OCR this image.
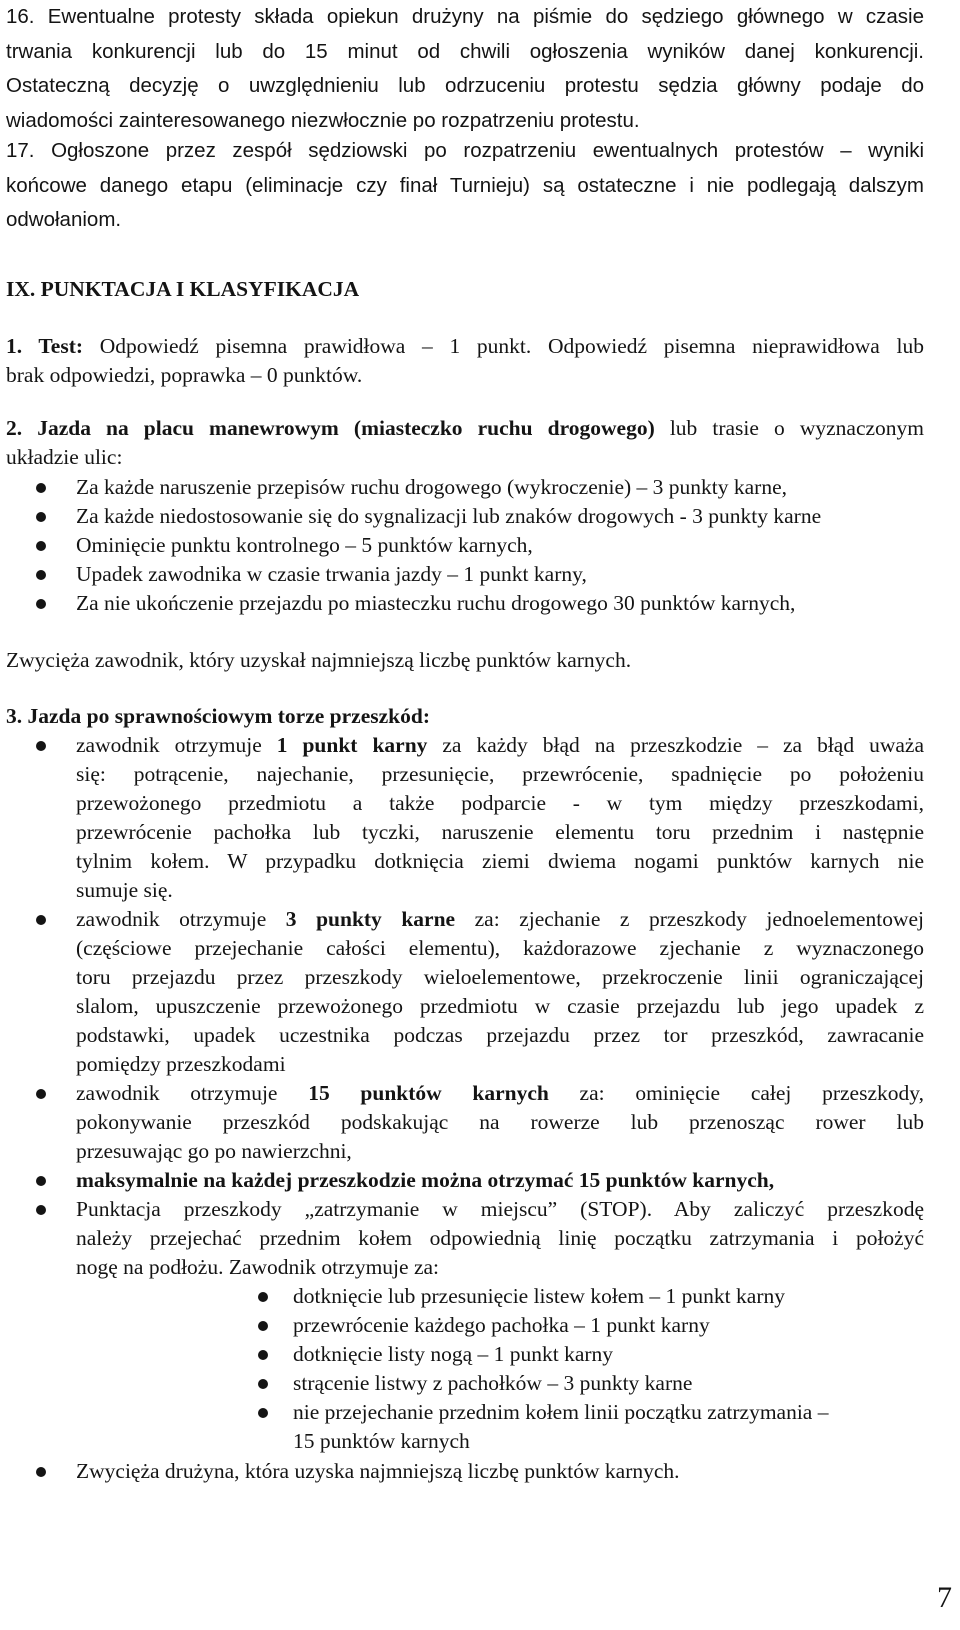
16. Ewentualne protesty składa opiekun drużyny na piśmie do sędziego głównego w czasie
trwania konkurencji lub do 15 minut od chwili ogłoszenia wyników danej konkurencji.
Ostateczną decyzję o uwzględnieniu lub odrzuceniu protestu sędzia główny podaje do
wiadomości zainteresowanego niezwłocznie po rozpatrzeniu protestu.
17. Ogłoszone przez zespół sędziowski po rozpatrzeniu ewentualnych protestów – wyniki
końcowe danego etapu (eliminacje czy finał Turnieju) są ostateczne i nie podlegają dalszym
odwołaniom.
IX. PUNKTACJA I KLASYFIKACJA
1. Test: Odpowiedź pisemna prawidłowa – 1 punkt. Odpowiedź pisemna nieprawidłowa lub
brak odpowiedzi, poprawka – 0 punktów.
2. Jazda na placu manewrowym (miasteczko ruchu drogowego) lub trasie o wyznaczonym
układzie ulic:
Za każde naruszenie przepisów ruchu drogowego (wykroczenie) – 3 punkty karne,
Za każde niedostosowanie się do sygnalizacji lub znaków drogowych - 3 punkty karne
Ominięcie punktu kontrolnego – 5 punktów karnych,
Upadek zawodnika w czasie trwania jazdy – 1 punkt karny,
Za nie ukończenie przejazdu po miasteczku ruchu drogowego 30 punktów karnych,
Zwycięża zawodnik, który uzyskał najmniejszą liczbę punktów karnych.
3. Jazda po sprawnościowym torze przeszkód:
zawodnik otrzymuje 1 punkt karny za każdy błąd na przeszkodzie – za błąd uważa
się: potrącenie, najechanie, przesunięcie, przewrócenie, spadnięcie po położeniu
przewożonego przedmiotu a także podparcie - w tym między przeszkodami,
przewrócenie pachołka lub tyczki, naruszenie elementu toru przednim i następnie
tylnim kołem. W przypadku dotknięcia ziemi dwiema nogami punktów karnych nie
sumuje się.
zawodnik otrzymuje 3 punkty karne za: zjechanie z przeszkody jednoelementowej
(częściowe przejechanie całości elementu), każdorazowe zjechanie z wyznaczonego
toru przejazdu przez przeszkody wieloelementowe, przekroczenie linii ograniczającej
slalom, upuszczenie przewożonego przedmiotu w czasie przejazdu lub jego upadek z
podstawki, upadek uczestnika podczas przejazdu przez tor przeszkód, zawracanie
pomiędzy przeszkodami
zawodnik otrzymuje 15 punktów karnych za: ominięcie całej przeszkody,
pokonywanie przeszkód podskakując na rowerze lub przenosząc rower lub
przesuwając go po nawierzchni,
maksymalnie na każdej przeszkodzie można otrzymać 15 punktów karnych,
Punktacja przeszkody „zatrzymanie w miejscu” (STOP). Aby zaliczyć przeszkodę
należy przejechać przednim kołem odpowiednią linię początku zatrzymania i położyć
nogę na podłożu. Zawodnik otrzymuje za:
dotknięcie lub przesunięcie listew kołem – 1 punkt karny
przewrócenie każdego pachołka – 1 punkt karny
dotknięcie listy nogą – 1 punkt karny
strącenie listwy z pachołków – 3 punkty karne
nie przejechanie przednim kołem linii początku zatrzymania –
15 punktów karnych
Zwycięża drużyna, która uzyska najmniejszą liczbę punktów karnych.
7
